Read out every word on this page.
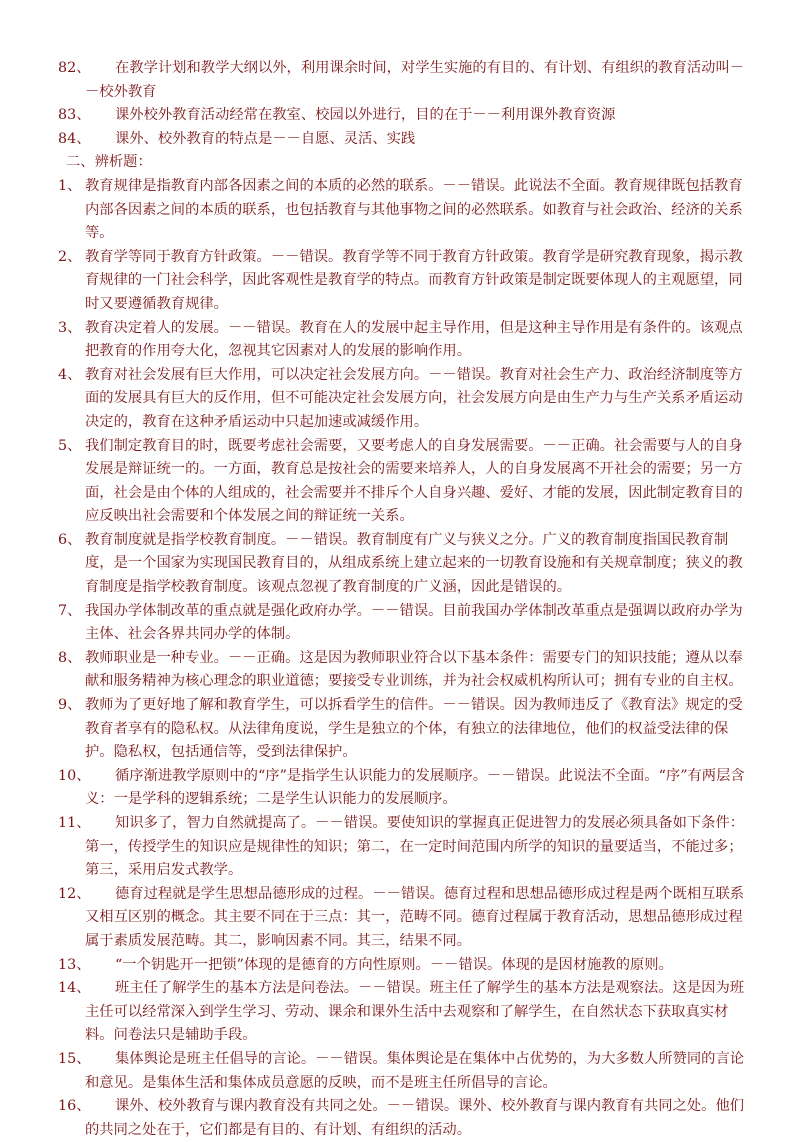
82、	在教学计划和教学大纲以外，利用课余时间，对学生实施的有目的、有计划、有组织的教育活动叫－－校外教育
83、	课外校外教育活动经常在教室、校园以外进行，目的在于－－利用课外教育资源
84、	课外、校外教育的特点是－－自愿、灵活、实践
二、辨析题：
1、 教育规律是指教育内部各因素之间的本质的必然的联系。－－错误。此说法不全面。教育规律既包括教育内部各因素之间的本质的联系，也包括教育与其他事物之间的必然联系。如教育与社会政治、经济的关系等。
2、 教育学等同于教育方针政策。－－错误。教育学等不同于教育方针政策。教育学是研究教育现象，揭示教育规律的一门社会科学，因此客观性是教育学的特点。而教育方针政策是制定既要体现人的主观愿望，同时又要遵循教育规律。
3、 教育决定着人的发展。－－错误。教育在人的发展中起主导作用，但是这种主导作用是有条件的。该观点把教育的作用夸大化，忽视其它因素对人的发展的影响作用。
4、 教育对社会发展有巨大作用，可以决定社会发展方向。－－错误。教育对社会生产力、政治经济制度等方面的发展具有巨大的反作用，但不可能决定社会发展方向，社会发展方向是由生产力与生产关系矛盾运动决定的，教育在这种矛盾运动中只起加速或减缓作用。
5、 我们制定教育目的时，既要考虑社会需要，又要考虑人的自身发展需要。－－正确。社会需要与人的自身发展是辩证统一的。一方面，教育总是按社会的需要来培养人，人的自身发展离不开社会的需要；另一方面，社会是由个体的人组成的，社会需要并不排斥个人自身兴趣、爱好、才能的发展，因此制定教育目的应反映出社会需要和个体发展之间的辩证统一关系。
6、 教育制度就是指学校教育制度。－－错误。教育制度有广义与狭义之分。广义的教育制度指国民教育制度，是一个国家为实现国民教育目的，从组成系统上建立起来的一切教育设施和有关规章制度；狭义的教育制度是指学校教育制度。该观点忽视了教育制度的广义涵，因此是错误的。
7、 我国办学体制改革的重点就是强化政府办学。－－错误。目前我国办学体制改革重点是强调以政府办学为主体、社会各界共同办学的体制。
8、 教师职业是一种专业。－－正确。这是因为教师职业符合以下基本条件：需要专门的知识技能；遵从以奉献和服务精神为核心理念的职业道德；要接受专业训练，并为社会权威机构所认可；拥有专业的自主权。
9、 教师为了更好地了解和教育学生，可以拆看学生的信件。－－错误。因为教师违反了《教育法》规定的受教育者享有的隐私权。从法律角度说，学生是独立的个体，有独立的法律地位，他们的权益受法律的保护。隐私权，包括通信等，受到法律保护。
10、	循序渐进教学原则中的“序”是指学生认识能力的发展顺序。－－错误。此说法不全面。“序”有两层含义：一是学科的逻辑系统；二是学生认识能力的发展顺序。
11、	知识多了，智力自然就提高了。－－错误。要使知识的掌握真正促进智力的发展必须具备如下条件：第一，传授学生的知识应是规律性的知识；第二，在一定时间范围内所学的知识的量要适当，不能过多；第三，采用启发式教学。
12、	德育过程就是学生思想品德形成的过程。－－错误。德育过程和思想品德形成过程是两个既相互联系又相互区别的概念。其主要不同在于三点：其一，范畴不同。德育过程属于教育活动，思想品德形成过程属于素质发展范畴。其二，影响因素不同。其三，结果不同。
13、	“一个钥匙开一把锁”体现的是德育的方向性原则。－－错误。体现的是因材施教的原则。
14、	班主任了解学生的基本方法是问卷法。－－错误。班主任了解学生的基本方法是观察法。这是因为班主任可以经常深入到学生学习、劳动、课余和课外生活中去观察和了解学生，在自然状态下获取真实材料。问卷法只是辅助手段。
15、	集体舆论是班主任倡导的言论。－－错误。集体舆论是在集体中占优势的，为大多数人所赞同的言论和意见。是集体生活和集体成员意愿的反映，而不是班主任所倡导的言论。
16、	课外、校外教育与课内教育没有共同之处。－－错误。课外、校外教育与课内教育有共同之处。他们的共同之处在于，它们都是有目的、有计划、有组织的活动。
